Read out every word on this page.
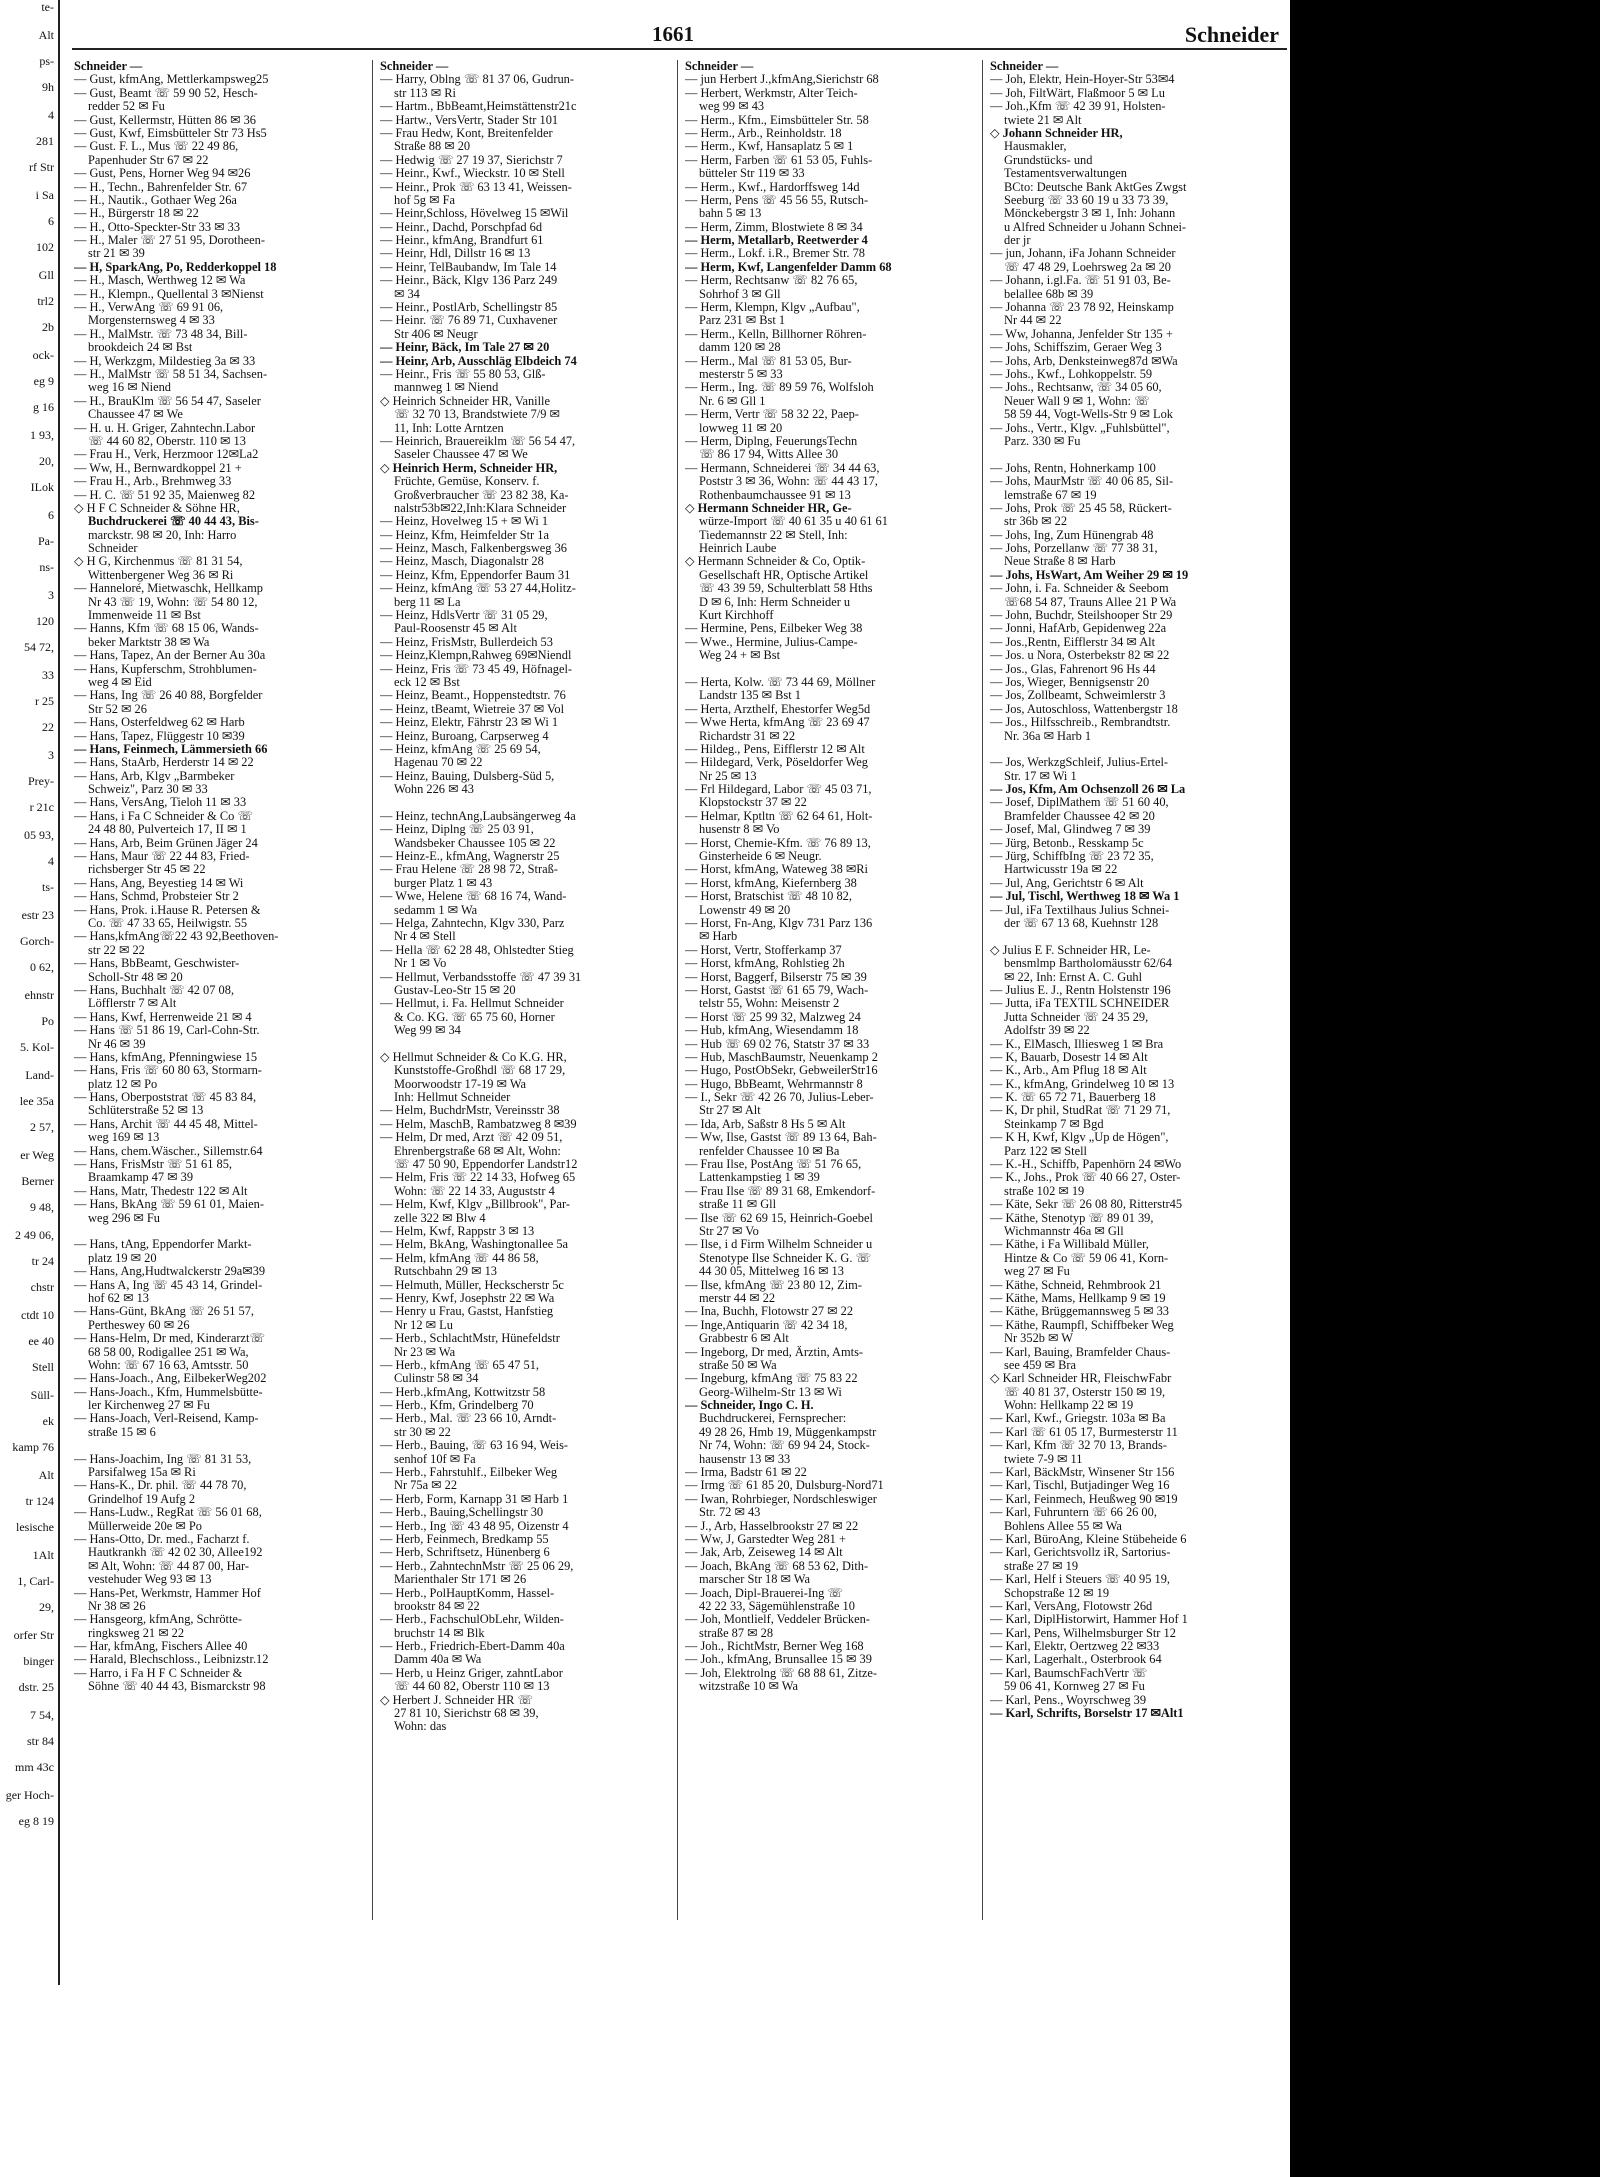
te-
Alt
ps-
9h
4
281
rf Str
i Sa
6
102
Gll
trl2
2b
ock-
eg 9
g 16
1 93,
20,
ILok
6
Pa-
ns-
3
120
54 72,
33
r 25
22
3
Prey-
r 21c
05 93,
4
ts-
estr 23
Gorch-
0 62,
ehnstr
Po
5. Kol-
Land-
lee 35a
2 57,
er Weg
Berner
9 48,
2 49 06,
tr 24
chstr
ctdt 10
ee 40
Stell
Süll-
ek
kamp 76
Alt
tr 124
lesische
1Alt
1, Carl-
29,
orfer Str
binger
dstr. 25
7 54,
str 84
mm 43c
ger Hoch-
eg 8 19
1661	Schneider
Schneider —
— Gust, kfmAng, Mettlerkampsweg25
— Gust, Beamt ☏ 59 90 52, Hesch-
redder 52 ✉ Fu
— Gust, Kellermstr, Hütten 86 ✉ 36
— Gust, Kwf, Eimsbütteler Str 73 Hs5
— Gust. F. L., Mus ☏ 22 49 86,
Papenhuder Str 67 ✉ 22
— Gust, Pens, Horner Weg 94 ✉26
— H., Techn., Bahrenfelder Str. 67
— H., Nautik., Gothaer Weg 26a
— H., Bürgerstr 18 ✉ 22
— H., Otto-Speckter-Str 33 ✉ 33
— H., Maler ☏ 27 51 95, Dorotheen-
str 21 ✉ 39
— H, SparkAng, Po, Redderkoppel 18
— H., Masch, Werthweg 12 ✉ Wa
— H., Klempn., Quellental 3 ✉Nienst
— H., VerwAng ☏ 69 91 06,
Morgensternsweg 4 ✉ 33
— H., MalMstr. ☏ 73 48 34, Bill-
brookdeich 24 ✉ Bst
— H, Werkzgm, Mildestieg 3a ✉ 33
— H., MalMstr ☏ 58 51 34, Sachsen-
weg 16 ✉ Niend
— H., BrauKlm ☏ 56 54 47, Saseler
Chaussee 47 ✉ We
— H. u. H. Griger, Zahntechn.Labor
☏ 44 60 82, Oberstr. 110 ✉ 13
— Frau H., Verk, Herzmoor 12✉La2
— Ww, H., Bernwardkoppel 21 +
— Frau H., Arb., Brehmweg 33
— H. C. ☏ 51 92 35, Maienweg 82
◇ H F C Schneider & Söhne HR,
Buchdruckerei ☏ 40 44 43, Bis-
marckstr. 98 ✉ 20, Inh: Harro
Schneider
◇ H G, Kirchenmus ☏ 81 31 54,
Wittenbergener Weg 36 ✉ Ri
— Hanneloré, Mietwaschk, Hellkamp
Nr 43 ☏ 19, Wohn: ☏ 54 80 12,
Immenweide 11 ✉ Bst
— Hanns, Kfm ☏ 68 15 06, Wands-
beker Marktstr 38 ✉ Wa
— Hans, Tapez, An der Berner Au 30a
— Hans, Kupferschm, Strohblumen-
weg 4 ✉ Eid
— Hans, Ing ☏ 26 40 88, Borgfelder
Str 52 ✉ 26
— Hans, Osterfeldweg 62 ✉ Harb
— Hans, Tapez, Flüggestr 10 ✉39
— Hans, Feinmech, Lämmersieth 66
— Hans, StaArb, Herderstr 14 ✉ 22
— Hans, Arb, Klgv „Barmbeker
Schweiz", Parz 30 ✉ 33
— Hans, VersAng, Tieloh 11 ✉ 33
— Hans, i Fa C Schneider & Co ☏
24 48 80, Pulverteich 17, II ✉ 1
— Hans, Arb, Beim Grünen Jäger 24
— Hans, Maur ☏ 22 44 83, Fried-
richsberger Str 45 ✉ 22
— Hans, Ang, Beyestieg 14 ✉ Wi
— Hans, Schmd, Probsteier Str 2
— Hans, Prok. i.Hause R. Petersen &
Co. ☏ 47 33 65, Heilwigstr. 55
— Hans,kfmAng☏22 43 92,Beethoven-
str 22 ✉ 22
— Hans, BbBeamt, Geschwister-
Scholl-Str 48 ✉ 20
— Hans, Buchhalt ☏ 42 07 08,
Löfflerstr 7 ✉ Alt
— Hans, Kwf, Herrenweide 21 ✉ 4
— Hans ☏ 51 86 19, Carl-Cohn-Str.
Nr 46 ✉ 39
— Hans, kfmAng, Pfenningwiese 15
— Hans, Fris ☏ 60 80 63, Stormarn-
platz 12 ✉ Po
— Hans, Oberpoststrat ☏ 45 83 84,
Schlüterstraße 52 ✉ 13
— Hans, Archit ☏ 44 45 48, Mittel-
weg 169 ✉ 13
— Hans, chem.Wäscher., Sillemstr.64
— Hans, FrisMstr ☏ 51 61 85,
Braamkamp 47 ✉ 39
— Hans, Matr, Thedestr 122 ✉ Alt
— Hans, BkAng ☏ 59 61 01, Maien-
weg 296 ✉ Fu
— Hans, tAng, Eppendorfer Markt-
platz 19 ✉ 20
— Hans, Ang,Hudtwalckerstr 29a✉39
— Hans A, Ing ☏ 45 43 14, Grindel-
hof 62 ✉ 13
— Hans-Günt, BkAng ☏ 26 51 57,
Pertheswey 60 ✉ 26
— Hans-Helm, Dr med, Kinderarzt☏
68 58 00, Rodigallee 251 ✉ Wa,
Wohn: ☏ 67 16 63, Amtsstr. 50
— Hans-Joach., Ang, EilbekerWeg202
— Hans-Joach., Kfm, Hummelsbütte-
ler Kirchenweg 27 ✉ Fu
— Hans-Joach, Verl-Reisend, Kamp-
straße 15 ✉ 6
— Hans-Joachim, Ing ☏ 81 31 53,
Parsifalweg 15a ✉ Ri
— Hans-K., Dr. phil. ☏ 44 78 70,
Grindelhof 19 Aufg 2
— Hans-Ludw., RegRat ☏ 56 01 68,
Müllerweide 20e ✉ Po
— Hans-Otto, Dr. med., Facharzt f.
Hautkrankh ☏ 42 02 30, Allee192
✉ Alt, Wohn: ☏ 44 87 00, Har-
vestehuder Weg 93 ✉ 13
— Hans-Pet, Werkmstr, Hammer Hof
Nr 38 ✉ 26
— Hansgeorg, kfmAng, Schrötte-
ringksweg 21 ✉ 22
— Har, kfmAng, Fischers Allee 40
— Harald, Blechschloss., Leibnizstr.12
— Harro, i Fa H F C Schneider &
Söhne ☏ 40 44 43, Bismarckstr 98
Schneider —
— Harry, Oblng ☏ 81 37 06, Gudrun-
str 113 ✉ Ri
— Hartm., BbBeamt,Heimstättenstr21c
— Hartw., VersVertr, Stader Str 101
— Frau Hedw, Kont, Breitenfelder
Straße 88 ✉ 20
— Hedwig ☏ 27 19 37, Sierichstr 7
— Heinr., Kwf., Wieckstr. 10 ✉ Stell
— Heinr., Prok ☏ 63 13 41, Weissen-
hof 5g ✉ Fa
— Heinr,Schloss, Hövelweg 15 ✉Wil
— Heinr., Dachd, Porschpfad 6d
— Heinr., kfmAng, Brandfurt 61
— Heinr, Hdl, Dillstr 16 ✉ 13
— Heinr, TelBaubandw, Im Tale 14
— Heinr., Bäck, Klgv 136 Parz 249
✉ 34
— Heinr., PostlArb, Schellingstr 85
— Heinr. ☏ 76 89 71, Cuxhavener
Str 406 ✉ Neugr
— Heinr, Bäck, Im Tale 27 ✉ 20
— Heinr, Arb, Ausschläg Elbdeich 74
— Heinr., Fris ☏ 55 80 53, Glß-
mannweg 1 ✉ Niend
◇ Heinrich Schneider HR, Vanille
☏ 32 70 13, Brandstwiete 7/9 ✉
11, Inh: Lotte Arntzen
— Heinrich, Brauereiklm ☏ 56 54 47,
Saseler Chaussee 47 ✉ We
◇ Heinrich Herm, Schneider HR,
Früchte, Gemüse, Konserv. f.
Großverbraucher ☏ 23 82 38, Ka-
nalstr53b✉22,Inh:Klara Schneider
— Heinz, Hovelweg 15 + ✉ Wi 1
— Heinz, Kfm, Heimfelder Str 1a
— Heinz, Masch, Falkenbergsweg 36
— Heinz, Masch, Diagonalstr 28
— Heinz, Kfm, Eppendorfer Baum 31
— Heinz, kfmAng ☏ 53 27 44,Holitz-
berg 11 ✉ La
— Heinz, HdlsVertr ☏ 31 05 29,
Paul-Roosenstr 45 ✉ Alt
— Heinz, FrisMstr, Bullerdeich 53
— Heinz,Klempn,Rahweg 69✉Niendl
— Heinz, Fris ☏ 73 45 49, Höfnagel-
eck 12 ✉ Bst
— Heinz, Beamt., Hoppenstedtstr. 76
— Heinz, tBeamt, Wietreie 37 ✉ Vol
— Heinz, Elektr, Fährstr 23 ✉ Wi 1
— Heinz, Buroang, Carpserweg 4
— Heinz, kfmAng ☏ 25 69 54,
Hagenau 70 ✉ 22
— Heinz, Bauing, Dulsberg-Süd 5,
Wohn 226 ✉ 43
— Heinz, technAng,Laubsängerweg 4a
— Heinz, Diplng ☏ 25 03 91,
Wandsbeker Chaussee 105 ✉ 22
— Heinz-E., kfmAng, Wagnerstr 25
— Frau Helene ☏ 28 98 72, Straß-
burger Platz 1 ✉ 43
— Wwe, Helene ☏ 68 16 74, Wand-
sedamm 1 ✉ Wa
— Helga, Zahntechn, Klgv 330, Parz
Nr 4 ✉ Stell
— Hella ☏ 62 28 48, Ohlstedter Stieg
Nr 1 ✉ Vo
— Hellmut, Verbandsstoffe ☏ 47 39 31
Gustav-Leo-Str 15 ✉ 20
— Hellmut, i. Fa. Hellmut Schneider
& Co. KG. ☏ 65 75 60, Horner
Weg 99 ✉ 34
◇ Hellmut Schneider & Co K.G. HR,
Kunststoffe-Großhdl ☏ 68 17 29,
Moorwoodstr 17-19 ✉ Wa
Inh: Hellmut Schneider
— Helm, BuchdrMstr, Vereinsstr 38
— Helm, MaschB, Rambatzweg 8 ✉39
— Helm, Dr med, Arzt ☏ 42 09 51,
Ehrenbergstraße 68 ✉ Alt, Wohn:
☏ 47 50 90, Eppendorfer Landstr12
— Helm, Fris ☏ 22 14 33, Hofweg 65
Wohn: ☏ 22 14 33, Auguststr 4
— Helm, Kwf, Klgv „Billbrook", Par-
zelle 322 ✉ Blw 4
— Helm, Kwf, Rappstr 3 ✉ 13
— Helm, BkAng, Washingtonallee 5a
— Helm, kfmAng ☏ 44 86 58,
Rutschbahn 29 ✉ 13
— Helmuth, Müller, Heckscherstr 5c
— Henry, Kwf, Josephstr 22 ✉ Wa
— Henry u Frau, Gastst, Hanfstieg
Nr 12 ✉ Lu
— Herb., SchlachtMstr, Hünefeldstr
Nr 23 ✉ Wa
— Herb., kfmAng ☏ 65 47 51,
Culinstr 58 ✉ 34
— Herb.,kfmAng, Kottwitzstr 58
— Herb., Kfm, Grindelberg 70
— Herb., Mal. ☏ 23 66 10, Arndt-
str 30 ✉ 22
— Herb., Bauing, ☏ 63 16 94, Weis-
senhof 10f ✉ Fa
— Herb., Fahrstuhlf., Eilbeker Weg
Nr 75a ✉ 22
— Herb, Form, Karnapp 31 ✉ Harb 1
— Herb., Bauing,Schellingstr 30
— Herb., Ing ☏ 43 48 95, Oizenstr 4
— Herb, Feinmech, Bredkamp 55
— Herb, Schriftsetz, Hünenberg 6
— Herb., ZahntechnMstr ☏ 25 06 29,
Marienthaler Str 171 ✉ 26
— Herb., PolHauptKomm, Hassel-
brookstr 84 ✉ 22
— Herb., FachschulObLehr, Wilden-
bruchstr 14 ✉ Blk
— Herb., Friedrich-Ebert-Damm 40a
Damm 40a ✉ Wa
— Herb, u Heinz Griger, zahntLabor
☏ 44 60 82, Oberstr 110 ✉ 13
◇ Herbert J. Schneider HR ☏
27 81 10, Sierichstr 68 ✉ 39,
Wohn: das
Schneider —
— jun Herbert J.,kfmAng,Sierichstr 68
— Herbert, Werkmstr, Alter Teich-
weg 99 ✉ 43
— Herm., Kfm., Eimsbütteler Str. 58
— Herm., Arb., Reinholdstr. 18
— Herm., Kwf, Hansaplatz 5 ✉ 1
— Herm, Farben ☏ 61 53 05, Fuhls-
bütteler Str 119 ✉ 33
— Herm., Kwf., Hardorffsweg 14d
— Herm, Pens ☏ 45 56 55, Rutsch-
bahn 5 ✉ 13
— Herm, Zimm, Blostwiete 8 ✉ 34
— Herm, Metallarb, Reetwerder 4
— Herm., Lokf. i.R., Bremer Str. 78
— Herm, Kwf, Langenfelder Damm 68
— Herm, Rechtsanw ☏ 82 76 65,
Sohrhof 3 ✉ Gll
— Herm, Klempn, Klgv „Aufbau",
Parz 231 ✉ Bst 1
— Herm., Kelln, Billhorner Röhren-
damm 120 ✉ 28
— Herm., Mal ☏ 81 53 05, Bur-
mesterstr 5 ✉ 33
— Herm., Ing. ☏ 89 59 76, Wolfsloh
Nr. 6 ✉ Gll 1
— Herm, Vertr ☏ 58 32 22, Paep-
lowweg 11 ✉ 20
— Herm, Diplng, FeuerungsTechn
☏ 86 17 94, Witts Allee 30
— Hermann, Schneiderei ☏ 34 44 63,
Poststr 3 ✉ 36, Wohn: ☏ 44 43 17,
Rothenbaumchaussee 91 ✉ 13
◇ Hermann Schneider HR, Ge-
würze-Import ☏ 40 61 35 u 40 61 61
Tiedemannstr 22 ✉ Stell, Inh:
Heinrich Laube
◇ Hermann Schneider & Co, Optik-
Gesellschaft HR, Optische Artikel
☏ 43 39 59, Schulterblatt 58 Hths
D ✉ 6, Inh: Herm Schneider u
Kurt Kirchhoff
— Hermine, Pens, Eilbeker Weg 38
— Wwe., Hermine, Julius-Campe-
Weg 24 + ✉ Bst
— Herta, Kolw. ☏ 73 44 69, Möllner
Landstr 135 ✉ Bst 1
— Herta, Arzthelf, Ehestorfer Weg5d
— Wwe Herta, kfmAng ☏ 23 69 47
Richardstr 31 ✉ 22
— Hildeg., Pens, Eifflerstr 12 ✉ Alt
— Hildegard, Verk, Pöseldorfer Weg
Nr 25 ✉ 13
— Frl Hildegard, Labor ☏ 45 03 71,
Klopstockstr 37 ✉ 22
— Helmar, Kptltn ☏ 62 64 61, Holt-
husenstr 8 ✉ Vo
— Horst, Chemie-Kfm. ☏ 76 89 13,
Ginsterheide 6 ✉ Neugr.
— Horst, kfmAng, Wateweg 38 ✉Ri
— Horst, kfmAng, Kiefernberg 38
— Horst, Bratschist ☏ 48 10 82,
Lowenstr 49 ✉ 20
— Horst, Fn-Ang, Klgv 731 Parz 136
✉ Harb
— Horst, Vertr, Stofferkamp 37
— Horst, kfmAng, Rohlstieg 2h
— Horst, Baggerf, Bilserstr 75 ✉ 39
— Horst, Gastst ☏ 61 65 79, Wach-
telstr 55, Wohn: Meisenstr 2
— Horst ☏ 25 99 32, Malzweg 24
— Hub, kfmAng, Wiesendamm 18
— Hub ☏ 69 02 76, Statstr 37 ✉ 33
— Hub, MaschBaumstr, Neuenkamp 2
— Hugo, PostObSekr, GebweilerStr16
— Hugo, BbBeamt, Wehrmannstr 8
— I., Sekr ☏ 42 26 70, Julius-Leber-
Str 27 ✉ Alt
— Ida, Arb, Saßstr 8 Hs 5 ✉ Alt
— Ww, Ilse, Gastst ☏ 89 13 64, Bah-
renfelder Chaussee 10 ✉ Ba
— Frau Ilse, PostAng ☏ 51 76 65,
Lattenkampstieg 1 ✉ 39
— Frau Ilse ☏ 89 31 68, Emkendorf-
straße 11 ✉ Gll
— Ilse ☏ 62 69 15, Heinrich-Goebel
Str 27 ✉ Vo
— Ilse, i d Firm Wilhelm Schneider u
Stenotype Ilse Schneider K. G. ☏
44 30 05, Mittelweg 16 ✉ 13
— Ilse, kfmAng ☏ 23 80 12, Zim-
merstr 44 ✉ 22
— Ina, Buchh, Flotowstr 27 ✉ 22
— Inge,Antiquarin ☏ 42 34 18,
Grabbestr 6 ✉ Alt
— Ingeborg, Dr med, Ärztin, Amts-
straße 50 ✉ Wa
— Ingeburg, kfmAng ☏ 75 83 22
Georg-Wilhelm-Str 13 ✉ Wi
— Schneider, Ingo C. H.
Buchdruckerei, Fernsprecher:
49 28 26, Hmb 19, Müggenkampstr
Nr 74, Wohn: ☏ 69 94 24, Stock-
hausenstr 13 ✉ 33
— Irma, Badstr 61 ✉ 22
— Irmg ☏ 61 85 20, Dulsburg-Nord71
— Iwan, Rohrbieger, Nordschleswiger
Str. 72 ✉ 43
— J., Arb, Hasselbrookstr 27 ✉ 22
— Ww, J, Garstedter Weg 281 +
— Jak, Arb, Zeiseweg 14 ✉ Alt
— Joach, BkAng ☏ 68 53 62, Dith-
marscher Str 18 ✉ Wa
— Joach, Dipl-Brauerei-Ing ☏
42 22 33, Sägemühlenstraße 10
— Joh, Montlielf, Veddeler Brücken-
straße 87 ✉ 28
— Joh., RichtMstr, Berner Weg 168
— Joh., kfmAng, Brunsallee 15 ✉ 39
— Joh, Elektrolng ☏ 68 88 61, Zitze-
witzstraße 10 ✉ Wa
Schneider —
— Joh, Elektr, Hein-Hoyer-Str 53✉4
— Joh, FiltWärt, Flaßmoor 5 ✉ Lu
— Joh.,Kfm ☏ 42 39 91, Holsten-
twiete 21 ✉ Alt
◇ Johann Schneider HR,
Hausmakler,
Grundstücks- und
Testamentsverwaltungen
BCto: Deutsche Bank AktGes Zwgst
Seeburg ☏ 33 60 19 u 33 73 39,
Mönckebergstr 3 ✉ 1, Inh: Johann
u Alfred Schneider u Johann Schnei-
der jr
— jun, Johann, iFa Johann Schneider
☏ 47 48 29, Loehrsweg 2a ✉ 20
— Johann, i.gl.Fa. ☏ 51 91 03, Be-
belallee 68b ✉ 39
— Johanna ☏ 23 78 92, Heinskamp
Nr 44 ✉ 22
— Ww, Johanna, Jenfelder Str 135 +
— Johs, Schiffszim, Geraer Weg 3
— Johs, Arb, Denksteinweg87d ✉Wa
— Johs., Kwf., Lohkoppelstr. 59
— Johs., Rechtsanw, ☏ 34 05 60,
Neuer Wall 9 ✉ 1, Wohn: ☏
58 59 44, Vogt-Wells-Str 9 ✉ Lok
— Johs., Vertr., Klgv. „Fuhlsbüttel",
Parz. 330 ✉ Fu
— Johs, Rentn, Hohnerkamp 100
— Johs, MaurMstr ☏ 40 06 85, Sil-
lemstraße 67 ✉ 19
— Johs, Prok ☏ 25 45 58, Rückert-
str 36b ✉ 22
— Johs, Ing, Zum Hünengrab 48
— Johs, Porzellanw ☏ 77 38 31,
Neue Straße 8 ✉ Harb
— Johs, HsWart, Am Weiher 29 ✉ 19
— John, i. Fa. Schneider & Seebom
☏68 54 87, Trauns Allee 21 P Wa
— John, Buchdr, Steilshooper Str 29
— Jonni, HafArb, Gepidenweg 22a
— Jos.,Rentn, Eifflerstr 34 ✉ Alt
— Jos. u Nora, Osterbekstr 82 ✉ 22
— Jos., Glas, Fahrenort 96 Hs 44
— Jos, Wieger, Bennigsenstr 20
— Jos, Zollbeamt, Schweimlerstr 3
— Jos, Autoschloss, Wattenbergstr 18
— Jos., Hilfsschreib., Rembrandtstr.
Nr. 36a ✉ Harb 1
— Jos, WerkzgSchleif, Julius-Ertel-
Str. 17 ✉ Wi 1
— Jos, Kfm, Am Ochsenzoll 26 ✉ La
— Josef, DiplMathem ☏ 51 60 40,
Bramfelder Chaussee 42 ✉ 20
— Josef, Mal, Glindweg 7 ✉ 39
— Jürg, Betonb., Resskamp 5c
— Jürg, SchiffbIng ☏ 23 72 35,
Hartwicusstr 19a ✉ 22
— Jul, Ang, Gerichtstr 6 ✉ Alt
— Jul, Tischl, Werthweg 18 ✉ Wa 1
— Jul, iFa Textilhaus Julius Schnei-
der ☏ 67 13 68, Kuehnstr 128
◇ Julius E F. Schneider HR, Le-
bensmlmp Bartholomäusstr 62/64
✉ 22, Inh: Ernst A. C. Guhl
— Julius E. J., Rentn Holstenstr 196
— Jutta, iFa TEXTIL SCHNEIDER
Jutta Schneider ☏ 24 35 29,
Adolfstr 39 ✉ 22
— K., ElMasch, Illiesweg 1 ✉ Bra
— K, Bauarb, Dosestr 14 ✉ Alt
— K., Arb., Am Pflug 18 ✉ Alt
— K., kfmAng, Grindelweg 10 ✉ 13
— K. ☏ 65 72 71, Bauerberg 18
— K, Dr phil, StudRat ☏ 71 29 71,
Steinkamp 7 ✉ Bgd
— K H, Kwf, Klgv „Up de Högen",
Parz 122 ✉ Stell
— K.-H., Schiffb, Papenhörn 24 ✉Wo
— K., Johs., Prok ☏ 40 66 27, Oster-
straße 102 ✉ 19
— Käte, Sekr ☏ 26 08 80, Ritterstr45
— Käthe, Stenotyp ☏ 89 01 39,
Wichmannstr 46a ✉ Gll
— Käthe, i Fa Willibald Müller,
Hintze & Co ☏ 59 06 41, Korn-
weg 27 ✉ Fu
— Käthe, Schneid, Rehmbrook 21
— Käthe, Mams, Hellkamp 9 ✉ 19
— Käthe, Brüggemannsweg 5 ✉ 33
— Käthe, Raumpfl, Schiffbeker Weg
Nr 352b ✉ W
— Karl, Bauing, Bramfelder Chaus-
see 459 ✉ Bra
◇ Karl Schneider HR, FleischwFabr
☏ 40 81 37, Osterstr 150 ✉ 19,
Wohn: Hellkamp 22 ✉ 19
— Karl, Kwf., Griegstr. 103a ✉ Ba
— Karl ☏ 61 05 17, Burmesterstr 11
— Karl, Kfm ☏ 32 70 13, Brands-
twiete 7-9 ✉ 11
— Karl, BäckMstr, Winsener Str 156
— Karl, Tischl, Butjadinger Weg 16
— Karl, Feinmech, Heußweg 90 ✉19
— Karl, Fuhruntern ☏ 66 26 00,
Bohlens Allee 55 ✉ Wa
— Karl, BüroAng, Kleine Stübeheide 6
— Karl, Gerichtsvollz iR, Sartorius-
straße 27 ✉ 19
— Karl, Helf i Steuers ☏ 40 95 19,
Schopstraße 12 ✉ 19
— Karl, VersAng, Flotowstr 26d
— Karl, DiplHistorwirt, Hammer Hof 1
— Karl, Pens, Wilhelmsburger Str 12
— Karl, Elektr, Oertzweg 22 ✉33
— Karl, Lagerhalt., Osterbrook 64
— Karl, BaumschFachVertr ☏
59 06 41, Kornweg 27 ✉ Fu
— Karl, Pens., Woyrschweg 39
— Karl, Schrifts, Borselstr 17 ✉Alt1
